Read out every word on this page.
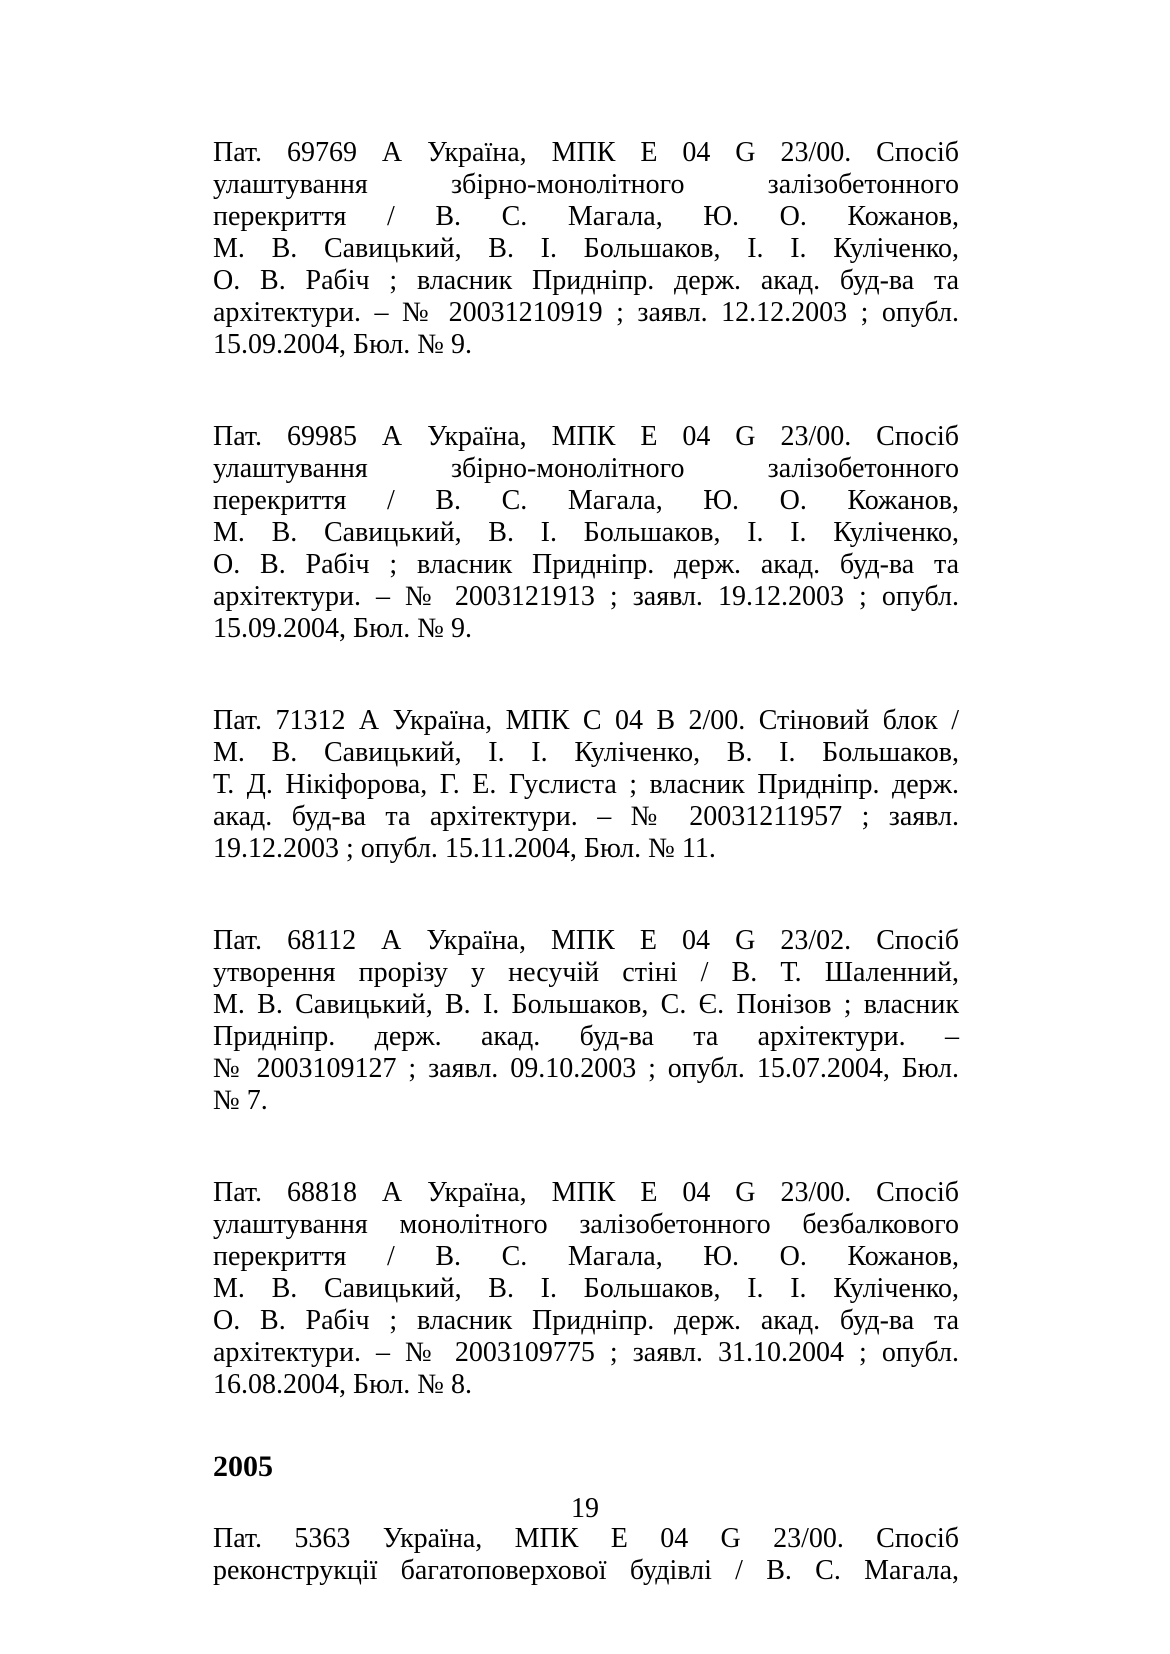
Пат. 69769 А Україна, МПК E 04 G 23/00. Спосіб
улаштування збірно-монолітного залізобетонного
перекриття / В. С. Магала, Ю. О. Кожанов,
М. В. Савицький, В. І. Большаков, І. І. Куліченко,
О. В. Рабіч ; власник Придніпр. держ. акад. буд-ва та
архітектури. – № 20031210919 ; заявл. 12.12.2003 ; опубл.
15.09.2004, Бюл. № 9.
Пат. 69985 А Україна, МПК E 04 G 23/00. Спосіб
улаштування збірно-монолітного залізобетонного
перекриття / В. С. Магала, Ю. О. Кожанов,
М. В. Савицький, В. І. Большаков, І. І. Куліченко,
О. В. Рабіч ; власник Придніпр. держ. акад. буд-ва та
архітектури. – № 2003121913 ; заявл. 19.12.2003 ; опубл.
15.09.2004, Бюл. № 9.
Пат. 71312 А Україна, МПК C 04 B 2/00. Стіновий блок /
М. В. Савицький, І. І. Куліченко, В. І. Большаков,
Т. Д. Нікіфорова, Г. Е. Гуслиста ; власник Придніпр. держ.
акад. буд-ва та архітектури. – № 20031211957 ; заявл.
19.12.2003 ; опубл. 15.11.2004, Бюл. № 11.
Пат. 68112 А Україна, МПК E 04 G 23/02. Спосіб
утворення прорізу у несучій стіні / В. Т. Шаленний,
М. В. Савицький, В. І. Большаков, С. Є. Понізов ; власник
Придніпр. держ. акад. буд-ва та архітектури. –
№ 2003109127 ; заявл. 09.10.2003 ; опубл. 15.07.2004, Бюл.
№ 7.
Пат. 68818 А Україна, МПК E 04 G 23/00. Спосіб
улаштування монолітного залізобетонного безбалкового
перекриття / В. С. Магала, Ю. О. Кожанов,
М. В. Савицький, В. І. Большаков, І. І. Куліченко,
О. В. Рабіч ; власник Придніпр. держ. акад. буд-ва та
архітектури. – № 2003109775 ; заявл. 31.10.2004 ; опубл.
16.08.2004, Бюл. № 8.
2005
Пат. 5363 Україна, МПК E 04 G 23/00. Спосіб
реконструкції багатоповерхової будівлі / В. С. Магала,
19
